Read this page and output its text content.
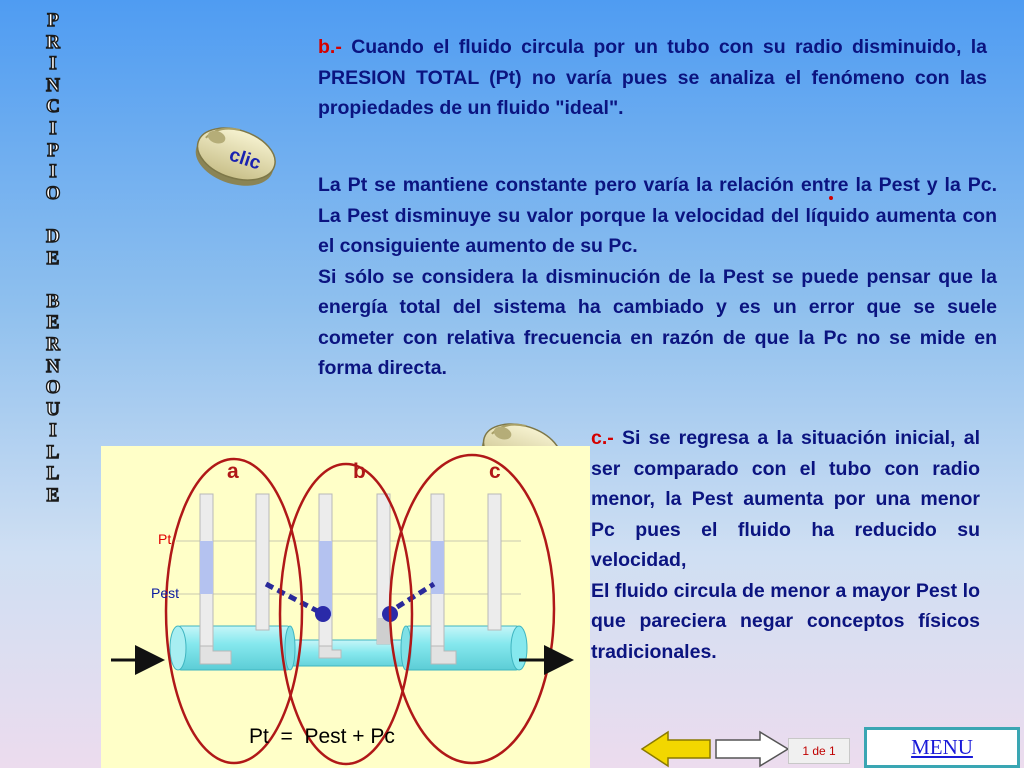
P
R
I
N
C
I
P
I
O
D
E
B
E
R
N
O
U
I
L
L
E
clic

b.- Cuando el fluido circula por un tubo con su radio disminuido, la PRESION TOTAL (Pt) no varía pues se analiza el fenómeno con las propiedades de un fluido "ideal".

La Pt se mantiene constante pero varía la relación entre la Pest y la Pc. La Pest disminuye su valor porque la velocidad del líquido aumenta con el consiguiente aumento de su Pc.
Si sólo se considera la disminución de la Pest se puede pensar que la energía total del sistema ha cambiado y es un error que se suele cometer con relativa frecuencia en razón de que la Pc no se mide en forma directa.
c.- Si se regresa a la situación inicial, al ser comparado con el tubo con radio menor, la Pest aumenta por una menor Pc pues el fluido ha reducido su velocidad,
El fluido circula de menor a mayor Pest lo que pareciera negar conceptos físicos tradicionales.
a	b	c
Pt
Pest
Pt  =  Pest + Pc
1 de 1	MENU
